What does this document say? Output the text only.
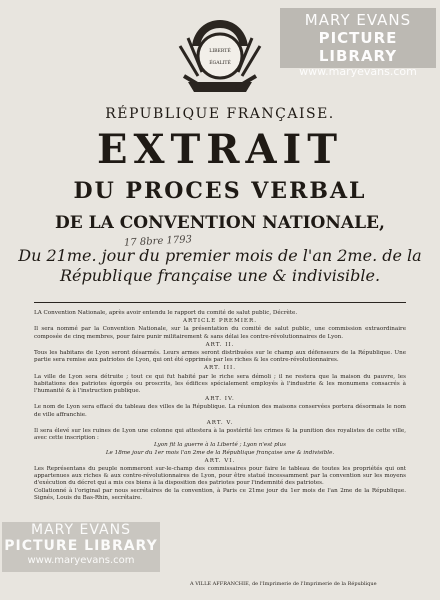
LIBERTÉ
ÉGALITÉ
MARY EVANS
PICTURE LIBRARY
www.maryevans.com
RÉPUBLIQUE FRANÇAISE.
EXTRAIT
DU PROCES VERBAL
DE LA CONVENTION NATIONALE,
17 8bre 1793
Du 21me. jour du premier mois de l'an 2me. de la
République française une & indivisible.

LA Convention Nationale, après avoir entendu le rapport du comité de salut public, Décrète.

ARTICLE PREMIER.

Il sera nommé par la Convention Nationale, sur la présentation du comité de salut public, une commission extraordinaire composée de cinq membres, pour faire punir militairement & sans délai les contre-révolutionnaires de Lyon.

ART. II.

Tous les habitans de Lyon seront désarmés. Leurs armes seront distribuées sur le champ aux défenseurs de la République. Une partie sera remise aux patriotes de Lyon, qui ont été opprimés par les riches & les contre-révolutionnaires.

ART. III.

La ville de Lyon sera détruite ; tout ce qui fut habité par le riche sera démoli ; il ne restera que la maison du pauvre, les habitations des patriotes égorgés ou proscrits, les édifices spécialement employés à l'industrie & les monumens consacrés à l'humanité & à l'instruction publique.

ART. IV.

Le nom de Lyon sera effacé du tableau des villes de la République. La réunion des maisons conservées portera désormais le nom de ville affranchie.

ART. V.

Il sera élevé sur les ruines de Lyon une colonne qui attestera à la postérité les crimes & la punition des royalistes de cette ville, avec cette inscription :

Lyon fit la guerre à la Liberté ; Lyon n'est plus
Le 18me jour du 1er mois l'an 2me de la République française une & indivisible.
ART. VI.

Les Représentans du peuple nommeront sur-le-champ des commissaires pour faire le tableau de toutes les propriétés qui ont appartenues aux riches & aux contre-révolutionnaires de Lyon, pour être statué incessamment par la convention sur les moyens d'exécution du décret qui a mis ces biens à la disposition des patriotes pour l'indemnité des patriotes.

Collationné à l'original par nous secrétaires de la convention, à Paris ce 21me jour du 1er mois de l'an 2me de la République. Signés, Louis du Bas-Rhin, secrétaire.

A VILLE AFFRANCHIE, de l'Imprimerie de l'Imprimerie de la République
MARY EVANS
PICTURE LIBRARY
www.maryevans.com
